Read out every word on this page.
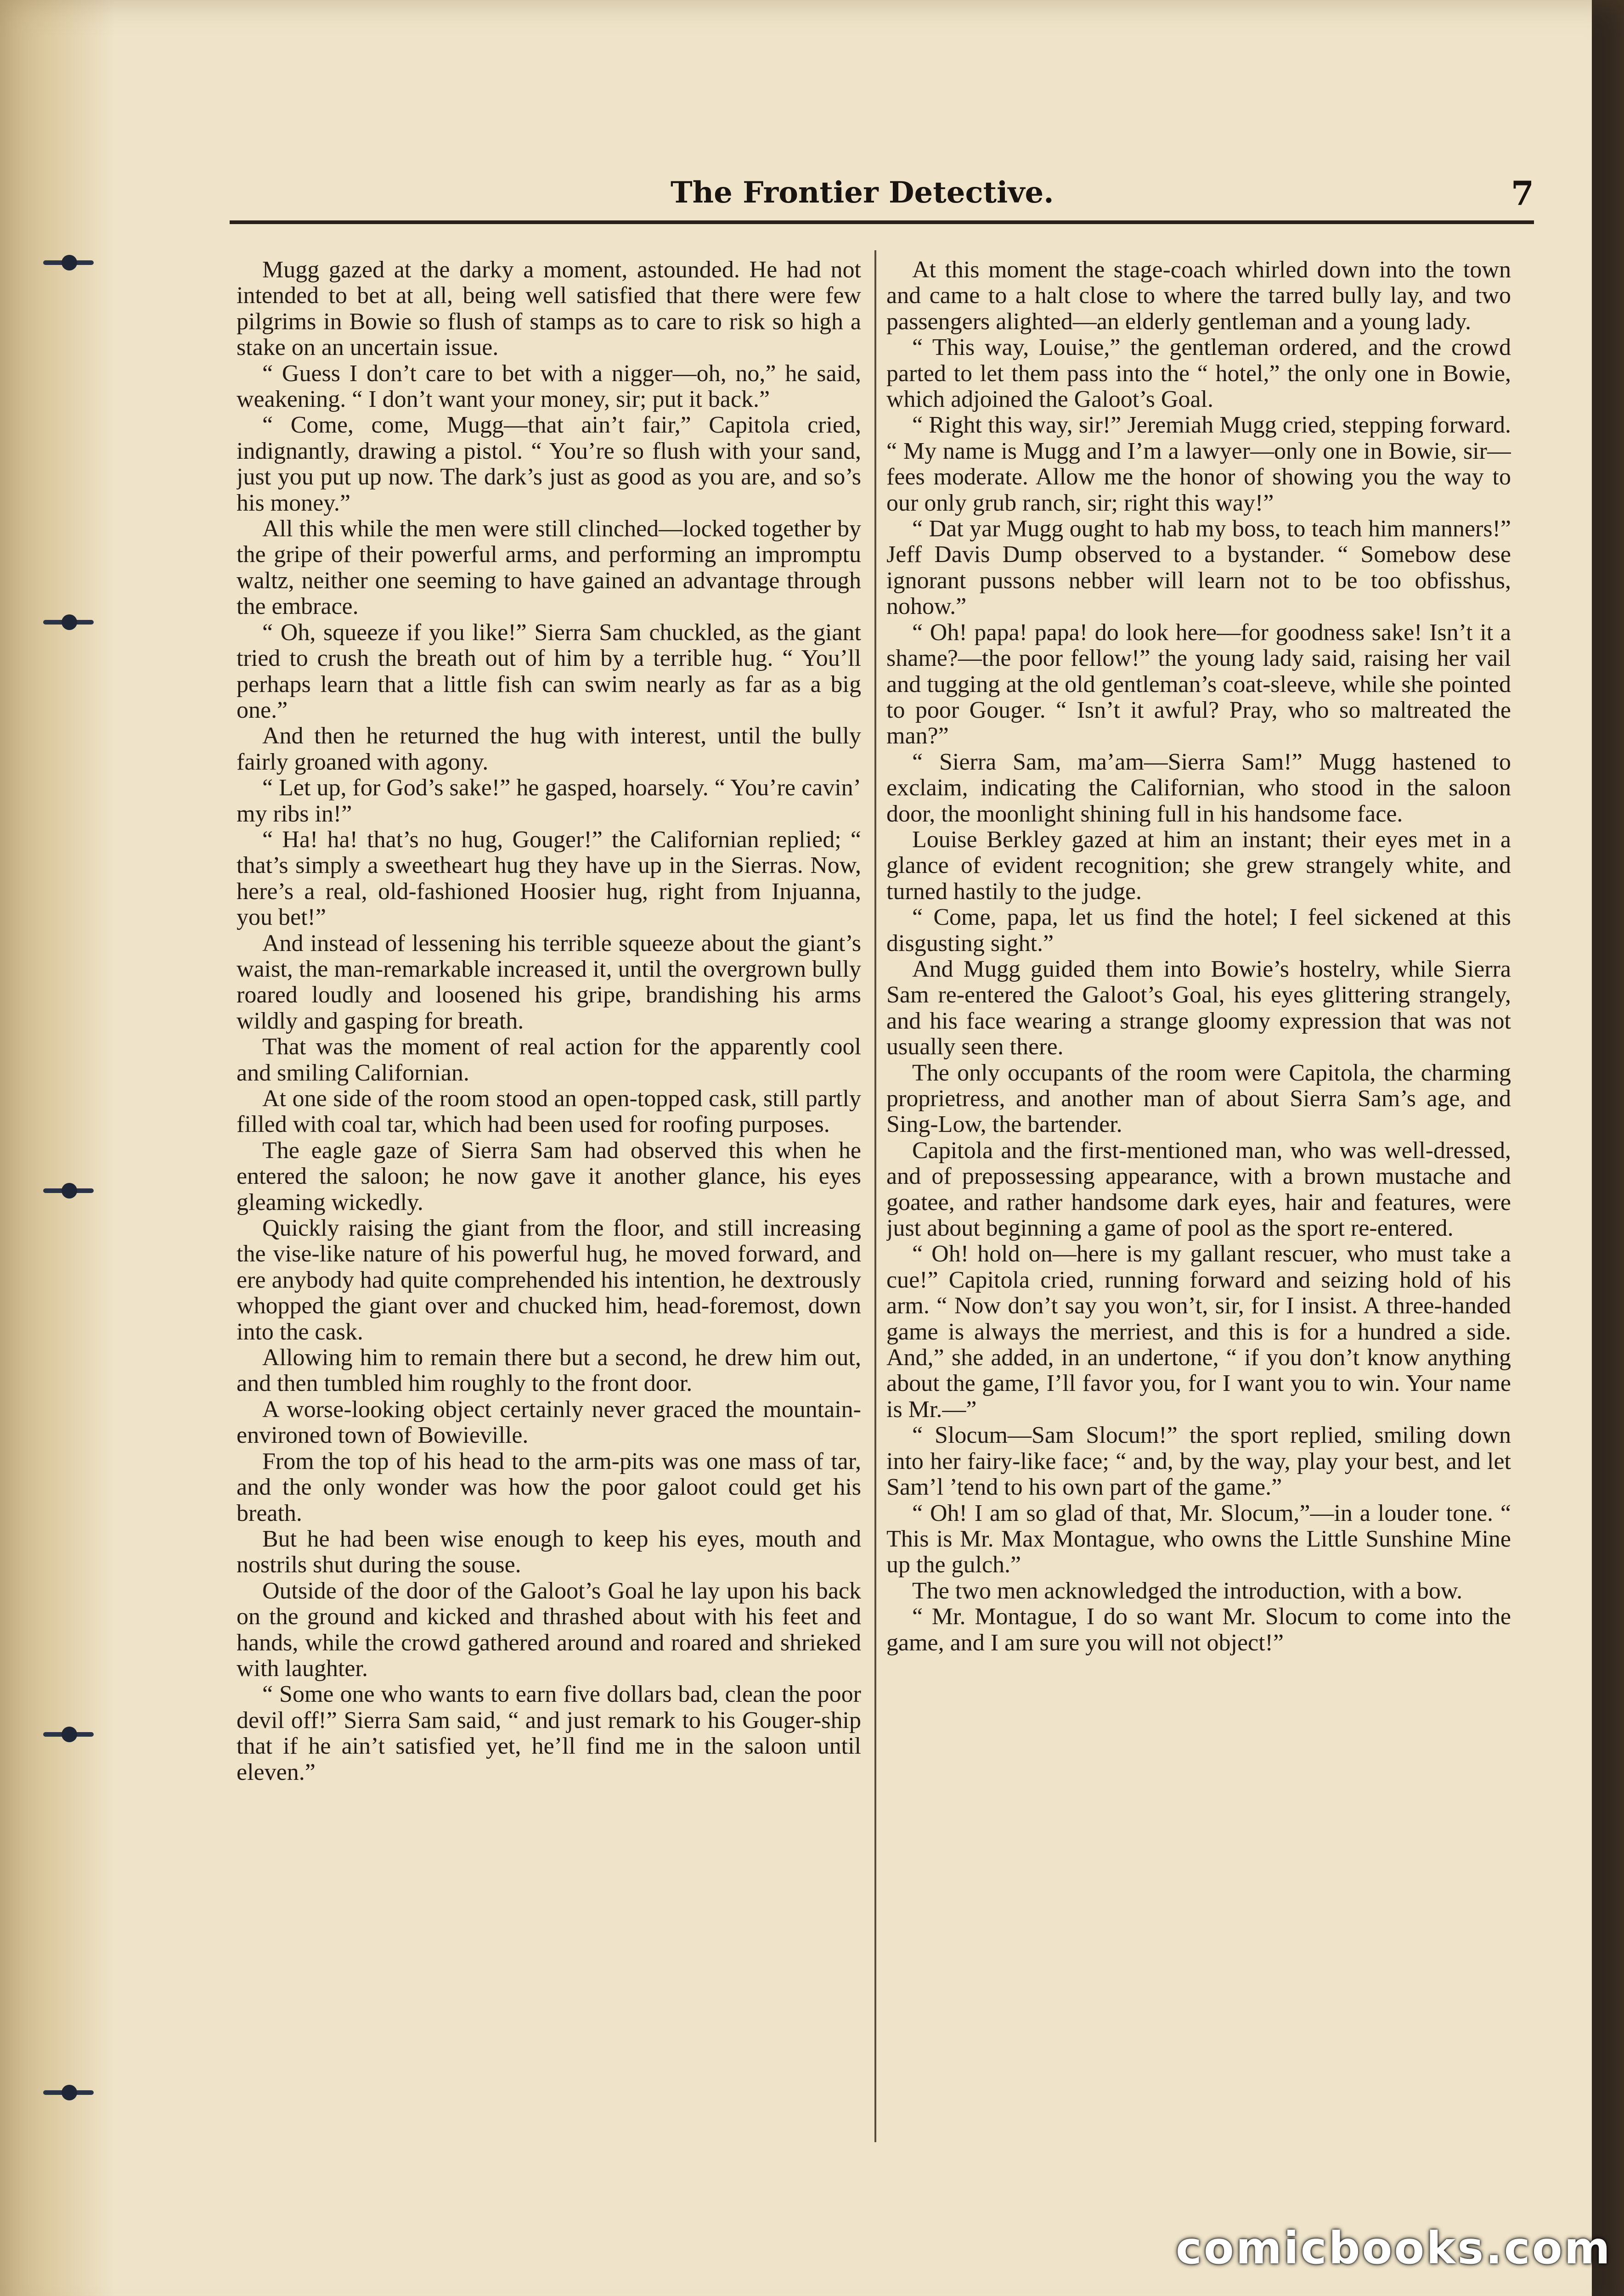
The Frontier Detective.	7

Mugg gazed at the darky a moment, astounded. He had not intended to bet at all, being well satisfied that there were few pilgrims in Bowie so flush of stamps as to care to risk so high a stake on an uncertain issue.

“ Guess I don’t care to bet with a nigger—oh, no,” he said, weakening. “ I don’t want your money, sir; put it back.”

“ Come, come, Mugg—that ain’t fair,” Capitola cried, indignantly, drawing a pistol. “ You’re so flush with your sand, just you put up now. The dark’s just as good as you are, and so’s his money.”

All this while the men were still clinched—locked together by the gripe of their powerful arms, and performing an impromptu waltz, neither one seeming to have gained an advantage through the embrace.

“ Oh, squeeze if you like!” Sierra Sam chuckled, as the giant tried to crush the breath out of him by a terrible hug. “ You’ll perhaps learn that a little fish can swim nearly as far as a big one.”

And then he returned the hug with interest, until the bully fairly groaned with agony.

“ Let up, for God’s sake!” he gasped, hoarsely. “ You’re cavin’ my ribs in!”

“ Ha! ha! that’s no hug, Gouger!” the Californian replied; “ that’s simply a sweetheart hug they have up in the Sierras. Now, here’s a real, old-fashioned Hoosier hug, right from Injuanna, you bet!”

And instead of lessening his terrible squeeze about the giant’s waist, the man-remarkable increased it, until the overgrown bully roared loudly and loosened his gripe, brandishing his arms wildly and gasping for breath.

That was the moment of real action for the apparently cool and smiling Californian.

At one side of the room stood an open-topped cask, still partly filled with coal tar, which had been used for roofing purposes.

The eagle gaze of Sierra Sam had observed this when he entered the saloon; he now gave it another glance, his eyes gleaming wickedly.

Quickly raising the giant from the floor, and still increasing the vise-like nature of his powerful hug, he moved forward, and ere anybody had quite comprehended his intention, he dextrously whopped the giant over and chucked him, head-foremost, down into the cask.

Allowing him to remain there but a second, he drew him out, and then tumbled him roughly to the front door.

A worse-looking object certainly never graced the mountain-environed town of Bowieville.

From the top of his head to the arm-pits was one mass of tar, and the only wonder was how the poor galoot could get his breath.

But he had been wise enough to keep his eyes, mouth and nostrils shut during the souse.

Outside of the door of the Galoot’s Goal he lay upon his back on the ground and kicked and thrashed about with his feet and hands, while the crowd gathered around and roared and shrieked with laughter.

“ Some one who wants to earn five dollars bad, clean the poor devil off!” Sierra Sam said, “ and just remark to his Gouger-ship that if he ain’t satisfied yet, he’ll find me in the saloon until eleven.”

At this moment the stage-coach whirled down into the town and came to a halt close to where the tarred bully lay, and two passengers alighted—an elderly gentleman and a young lady.

“ This way, Louise,” the gentleman ordered, and the crowd parted to let them pass into the “ hotel,” the only one in Bowie, which adjoined the Galoot’s Goal.

“ Right this way, sir!” Jeremiah Mugg cried, stepping forward. “ My name is Mugg and I’m a lawyer—only one in Bowie, sir—fees moderate. Allow me the honor of showing you the way to our only grub ranch, sir; right this way!”

“ Dat yar Mugg ought to hab my boss, to teach him manners!” Jeff Davis Dump observed to a bystander. “ Somebow dese ignorant pussons nebber will learn not to be too obfisshus, nohow.”

“ Oh! papa! papa! do look here—for goodness sake! Isn’t it a shame?—the poor fellow!” the young lady said, raising her vail and tugging at the old gentleman’s coat-sleeve, while she pointed to poor Gouger. “ Isn’t it awful? Pray, who so maltreated the man?”

“ Sierra Sam, ma’am—Sierra Sam!” Mugg hastened to exclaim, indicating the Californian, who stood in the saloon door, the moonlight shining full in his handsome face.

Louise Berkley gazed at him an instant; their eyes met in a glance of evident recognition; she grew strangely white, and turned hastily to the judge.

“ Come, papa, let us find the hotel; I feel sickened at this disgusting sight.”

And Mugg guided them into Bowie’s hostelry, while Sierra Sam re-entered the Galoot’s Goal, his eyes glittering strangely, and his face wearing a strange gloomy expression that was not usually seen there.

The only occupants of the room were Capitola, the charming proprietress, and another man of about Sierra Sam’s age, and Sing-Low, the bartender.

Capitola and the first-mentioned man, who was well-dressed, and of prepossessing appearance, with a brown mustache and goatee, and rather handsome dark eyes, hair and features, were just about beginning a game of pool as the sport re-entered.

“ Oh! hold on—here is my gallant rescuer, who must take a cue!” Capitola cried, running forward and seizing hold of his arm. “ Now don’t say you won’t, sir, for I insist. A three-handed game is always the merriest, and this is for a hundred a side. And,” she added, in an undertone, “ if you don’t know anything about the game, I’ll favor you, for I want you to win. Your name is Mr.—”

“ Slocum—Sam Slocum!” the sport replied, smiling down into her fairy-like face; “ and, by the way, play your best, and let Sam’l ’tend to his own part of the game.”

“ Oh! I am so glad of that, Mr. Slocum,”—in a louder tone. “ This is Mr. Max Montague, who owns the Little Sunshine Mine up the gulch.”

The two men acknowledged the introduction, with a bow.

“ Mr. Montague, I do so want Mr. Slocum to come into the game, and I am sure you will not object!”

comicbooks.com
